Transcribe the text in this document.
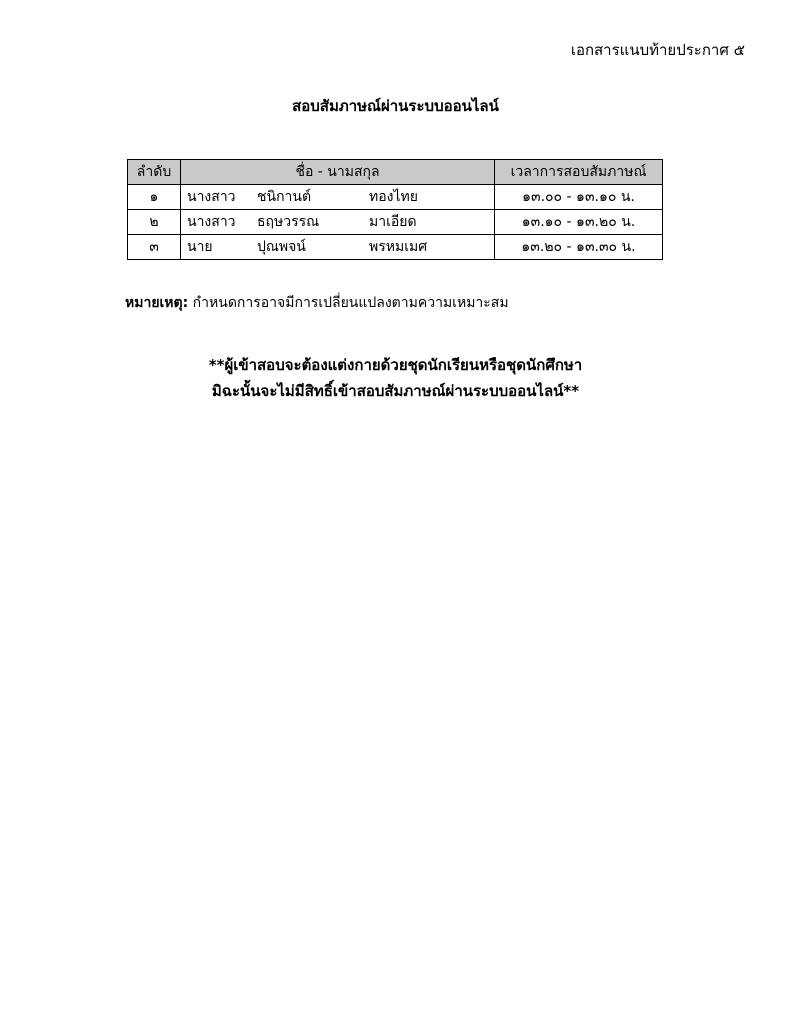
เอกสารแนบท้ายประกาศ ๕
สอบสัมภาษณ์ผ่านระบบออนไลน์
ลำดับ	ชื่อ - นามสกุล	เวลาการสอบสัมภาษณ์
๑	นางสาว ชนิกานต์ ทองไทย	๑๓.๐๐ - ๑๓.๑๐ น.
๒	นางสาว ธฤษวรรณ มาเอียด	๑๓.๑๐ - ๑๓.๒๐ น.
๓	นาย ปุณพจน์ พรหมเมศ	๑๓.๒๐ - ๑๓.๓๐ น.
หมายเหตุ: กำหนดการอาจมีการเปลี่ยนแปลงตามความเหมาะสม
**ผู้เข้าสอบจะต้องแต่งกายด้วยชุดนักเรียนหรือชุดนักศึกษา
มิฉะนั้นจะไม่มีสิทธิ์เข้าสอบสัมภาษณ์ผ่านระบบออนไลน์**
